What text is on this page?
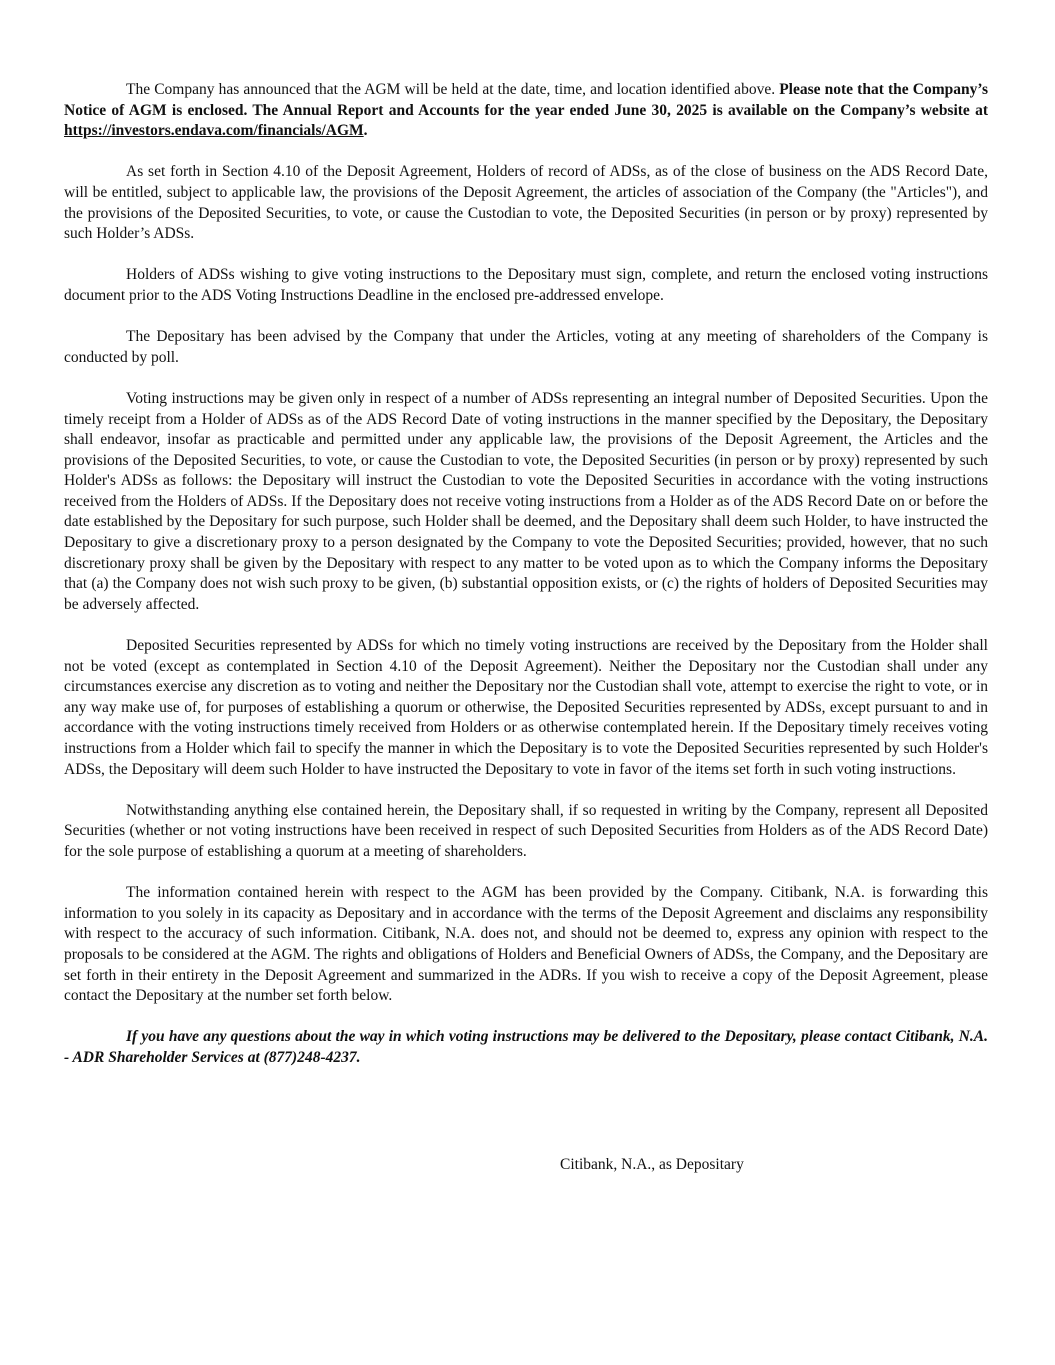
The Company has announced that the AGM will be held at the date, time, and location identified above. Please note that the Company’s Notice of AGM is enclosed. The Annual Report and Accounts for the year ended June 30, 2025 is available on the Company’s website at https://investors.endava.com/financials/AGM.

As set forth in Section 4.10 of the Deposit Agreement, Holders of record of ADSs, as of the close of business on the ADS Record Date, will be entitled, subject to applicable law, the provisions of the Deposit Agreement, the articles of association of the Company (the "Articles"), and the provisions of the Deposited Securities, to vote, or cause the Custodian to vote, the Deposited Securities (in person or by proxy) represented by such Holder’s ADSs.

Holders of ADSs wishing to give voting instructions to the Depositary must sign, complete, and return the enclosed voting instructions document prior to the ADS Voting Instructions Deadline in the enclosed pre-addressed envelope.

The Depositary has been advised by the Company that under the Articles, voting at any meeting of shareholders of the Company is conducted by poll.

Voting instructions may be given only in respect of a number of ADSs representing an integral number of Deposited Securities. Upon the timely receipt from a Holder of ADSs as of the ADS Record Date of voting instructions in the manner specified by the Depositary, the Depositary shall endeavor, insofar as practicable and permitted under any applicable law, the provisions of the Deposit Agreement, the Articles and the provisions of the Deposited Securities, to vote, or cause the Custodian to vote, the Deposited Securities (in person or by proxy) represented by such Holder's ADSs as follows: the Depositary will instruct the Custodian to vote the Deposited Securities in accordance with the voting instructions received from the Holders of ADSs. If the Depositary does not receive voting instructions from a Holder as of the ADS Record Date on or before the date established by the Depositary for such purpose, such Holder shall be deemed, and the Depositary shall deem such Holder, to have instructed the Depositary to give a discretionary proxy to a person designated by the Company to vote the Deposited Securities; provided, however, that no such discretionary proxy shall be given by the Depositary with respect to any matter to be voted upon as to which the Company informs the Depositary that (a) the Company does not wish such proxy to be given, (b) substantial opposition exists, or (c) the rights of holders of Deposited Securities may be adversely affected.

Deposited Securities represented by ADSs for which no timely voting instructions are received by the Depositary from the Holder shall not be voted (except as contemplated in Section 4.10 of the Deposit Agreement). Neither the Depositary nor the Custodian shall under any circumstances exercise any discretion as to voting and neither the Depositary nor the Custodian shall vote, attempt to exercise the right to vote, or in any way make use of, for purposes of establishing a quorum or otherwise, the Deposited Securities represented by ADSs, except pursuant to and in accordance with the voting instructions timely received from Holders or as otherwise contemplated herein. If the Depositary timely receives voting instructions from a Holder which fail to specify the manner in which the Depositary is to vote the Deposited Securities represented by such Holder's ADSs, the Depositary will deem such Holder to have instructed the Depositary to vote in favor of the items set forth in such voting instructions.

Notwithstanding anything else contained herein, the Depositary shall, if so requested in writing by the Company, represent all Deposited Securities (whether or not voting instructions have been received in respect of such Deposited Securities from Holders as of the ADS Record Date) for the sole purpose of establishing a quorum at a meeting of shareholders.

The information contained herein with respect to the AGM has been provided by the Company. Citibank, N.A. is forwarding this information to you solely in its capacity as Depositary and in accordance with the terms of the Deposit Agreement and disclaims any responsibility with respect to the accuracy of such information. Citibank, N.A. does not, and should not be deemed to, express any opinion with respect to the proposals to be considered at the AGM. The rights and obligations of Holders and Beneficial Owners of ADSs, the Company, and the Depositary are set forth in their entirety in the Deposit Agreement and summarized in the ADRs. If you wish to receive a copy of the Deposit Agreement, please contact the Depositary at the number set forth below.

If you have any questions about the way in which voting instructions may be delivered to the Depositary, please contact Citibank, N.A. - ADR Shareholder Services at (877)248-4237.

Citibank, N.A., as Depositary
